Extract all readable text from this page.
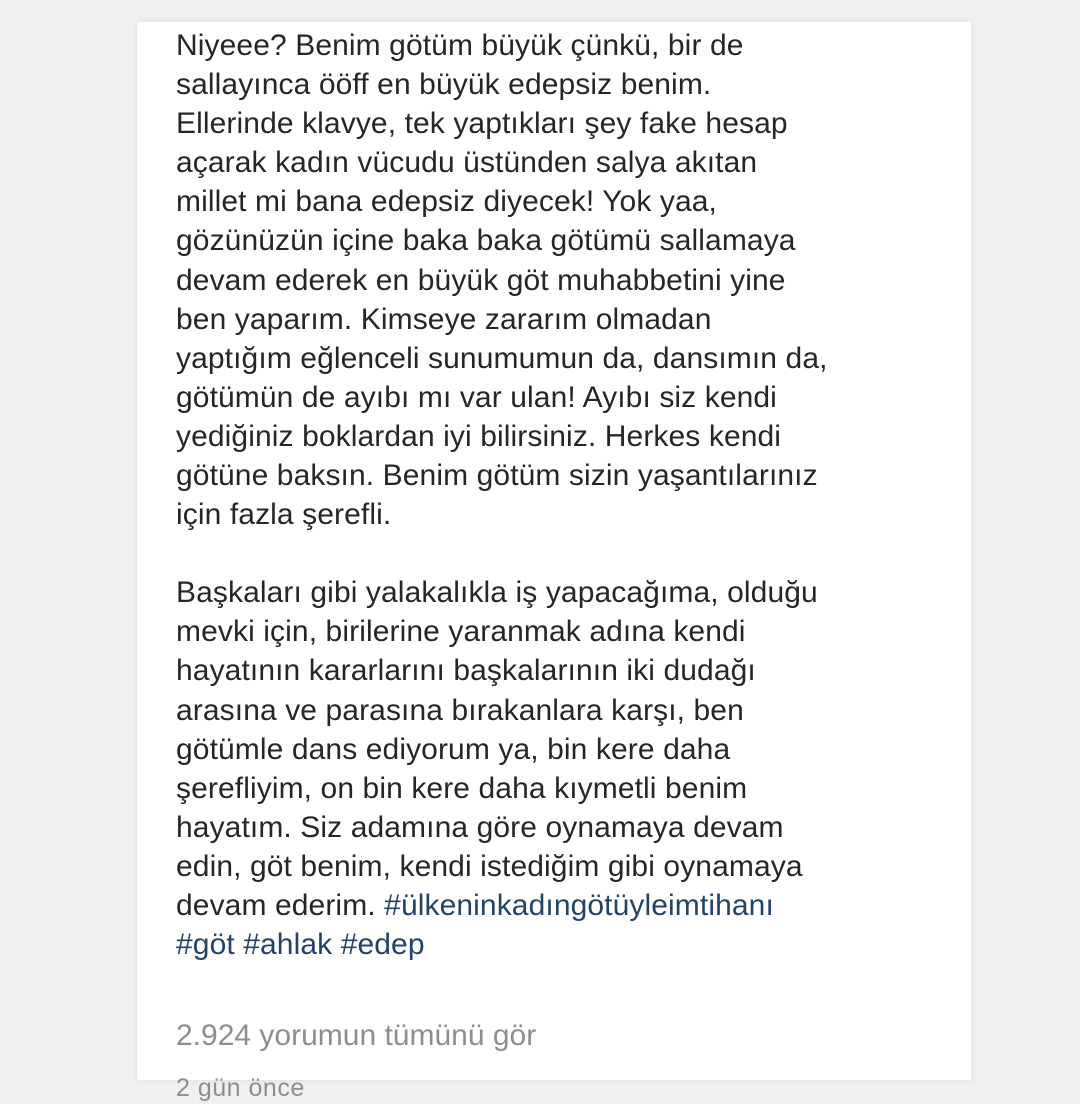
Niyeee? Benim götüm büyük çünkü, bir de
sallayınca ööff en büyük edepsiz benim.
Ellerinde klavye, tek yaptıkları şey fake hesap
açarak kadın vücudu üstünden salya akıtan
millet mi bana edepsiz diyecek! Yok yaa,
gözünüzün içine baka baka götümü sallamaya
devam ederek en büyük göt muhabbetini yine
ben yaparım. Kimseye zararım olmadan
yaptığım eğlenceli sunumumun da, dansımın da,
götümün de ayıbı mı var ulan! Ayıbı siz kendi
yediğiniz boklardan iyi bilirsiniz. Herkes kendi
götüne baksın. Benim götüm sizin yaşantılarınız
için fazla şerefli.
Başkaları gibi yalakalıkla iş yapacağıma, olduğu
mevki için, birilerine yaranmak adına kendi
hayatının kararlarını başkalarının iki dudağı
arasına ve parasına bırakanlara karşı, ben
götümle dans ediyorum ya, bin kere daha
şerefliyim, on bin kere daha kıymetli benim
hayatım. Siz adamına göre oynamaya devam
edin, göt benim, kendi istediğim gibi oynamaya
devam ederim. #ülkeninkadıngötüyleimtihanı
#göt #ahlak #edep
2.924 yorumun tümünü gör
2 gün önce
